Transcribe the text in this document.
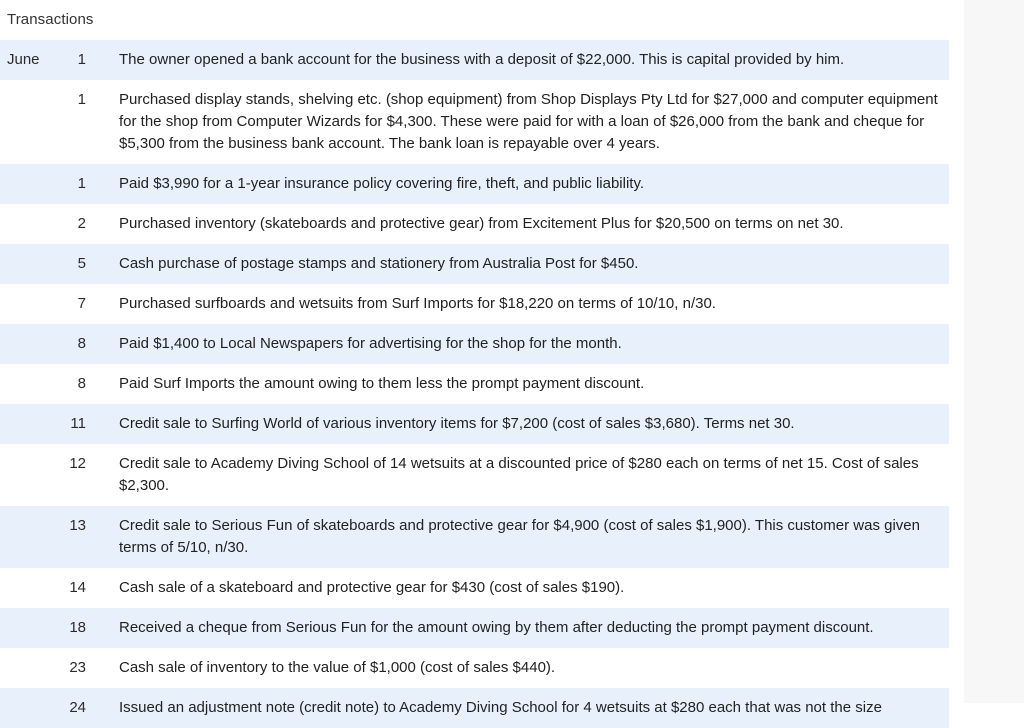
Transactions
June	1 The owner opened a bank account for the business with a deposit of $22,000. This is capital provided by him.
1 Purchased display stands, shelving etc. (shop equipment) from Shop Displays Pty Ltd for $27,000 and computer equipment for the shop from Computer Wizards for $4,300. These were paid for with a loan of $26,000 from the bank and cheque for $5,300 from the business bank account. The bank loan is repayable over 4 years.
1 Paid $3,990 for a 1-year insurance policy covering fire, theft, and public liability.
2 Purchased inventory (skateboards and protective gear) from Excitement Plus for $20,500 on terms on net 30.
5 Cash purchase of postage stamps and stationery from Australia Post for $450.
7 Purchased surfboards and wetsuits from Surf Imports for $18,220 on terms of 10/10, n/30.
8 Paid $1,400 to Local Newspapers for advertising for the shop for the month.
8 Paid Surf Imports the amount owing to them less the prompt payment discount.
11 Credit sale to Surfing World of various inventory items for $7,200 (cost of sales $3,680). Terms net 30.
12 Credit sale to Academy Diving School of 14 wetsuits at a discounted price of $280 each on terms of net 15. Cost of sales $2,300.
13 Credit sale to Serious Fun of skateboards and protective gear for $4,900 (cost of sales $1,900). This customer was given terms of 5/10, n/30.
14 Cash sale of a skateboard and protective gear for $430 (cost of sales $190).
18 Received a cheque from Serious Fun for the amount owing by them after deducting the prompt payment discount.
23 Cash sale of inventory to the value of $1,000 (cost of sales $440).
24 Issued an adjustment note (credit note) to Academy Diving School for 4 wetsuits at $280 each that was not the size
